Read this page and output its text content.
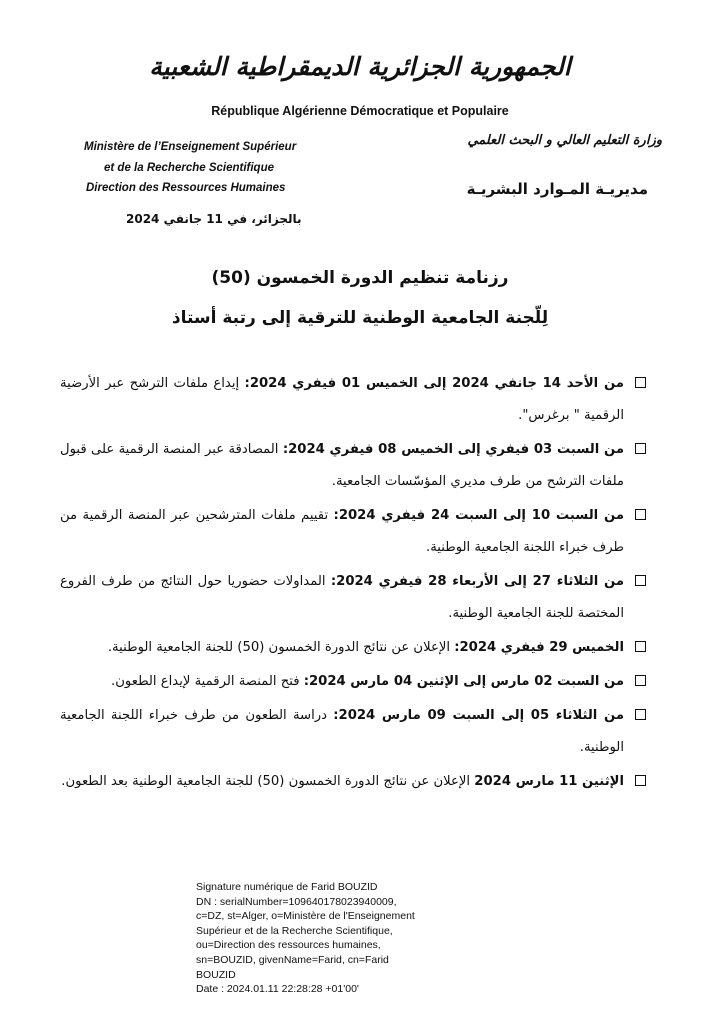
الجمهورية الجزائرية الديمقراطية الشعبية
République Algérienne Démocratique et Populaire
Ministère de l’Enseignement Supérieur
et de la Recherche Scientifique
Direction des Ressources Humaines
بالجزائر، في 11 جانفي 2024
وزارة التعليم العالي و البحث العلمي
مديريـة المـوارد البشريـة
رزنامة تنظيم الدورة الخمسون (50)
لِلّجنة الجامعية الوطنية للترقية إلى رتبة أستاذ
من الأحد 14 جانفي 2024 إلى الخميس 01 فيفري 2024: إيداع ملفات الترشح عبر الأرضية الرقمية " برغرس".
من السبت 03 فيفري إلى الخميس 08 فيفري 2024: المصادقة عبر المنصة الرقمية على قبول ملفات الترشح من طرف مديري المؤسّسات الجامعية.
من السبت 10 إلى السبت 24 فيفري 2024: تقييم ملفات المترشحين عبر المنصة الرقمية من طرف خبراء اللجنة الجامعية الوطنية.
من الثلاثاء 27 إلى الأربعاء 28 فيفري 2024: المداولات حضوريا حول النتائج من طرف الفروع المختصة للجنة الجامعية الوطنية.
الخميس 29 فيفري 2024: الإعلان عن نتائج الدورة الخمسون (50) للجنة الجامعية الوطنية.
من السبت 02 مارس إلى الإثنين 04 مارس 2024: فتح المنصة الرقمية لإيداع الطعون.
من الثلاثاء 05 إلى السبت 09 مارس 2024: دراسة الطعون من طرف خبراء اللجنة الجامعية الوطنية.
الإثنين 11 مارس 2024 الإعلان عن نتائج الدورة الخمسون (50) للجنة الجامعية الوطنية بعد الطعون.
Signature numérique de Farid BOUZID
DN : serialNumber=109640178023940009,
c=DZ, st=Alger, o=Ministère de l'Enseignement
Supérieur et de la Recherche Scientifique,
ou=Direction des ressources humaines,
sn=BOUZID, givenName=Farid, cn=Farid
BOUZID
Date : 2024.01.11 22:28:28 +01'00'
